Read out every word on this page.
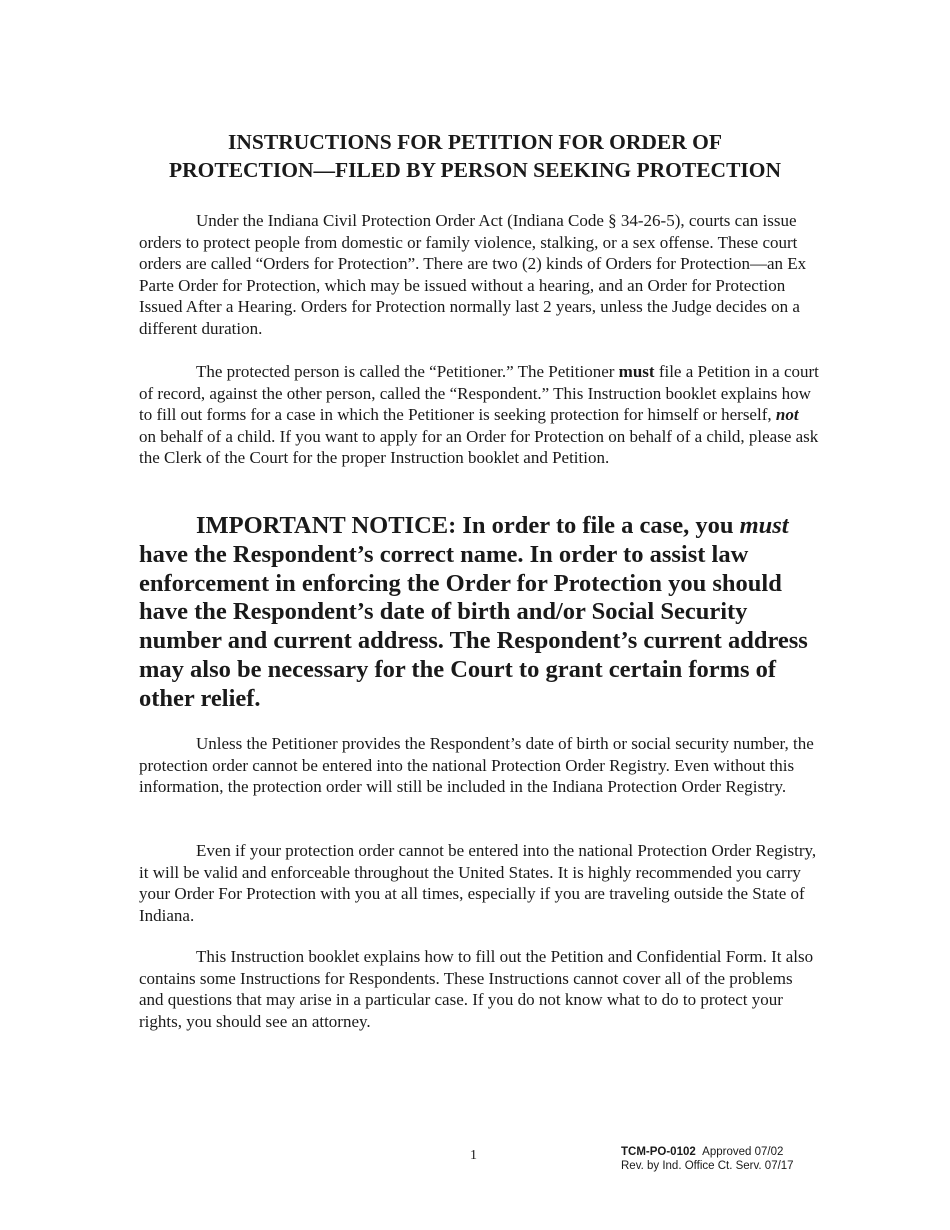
INSTRUCTIONS FOR PETITION FOR ORDER OF
PROTECTION—FILED BY PERSON SEEKING PROTECTION
Under the Indiana Civil Protection Order Act (Indiana Code § 34-26-5), courts can issue orders to protect people from domestic or family violence, stalking, or a sex offense. These court orders are called “Orders for Protection”. There are two (2) kinds of Orders for Protection—an Ex Parte Order for Protection, which may be issued without a hearing, and an Order for Protection Issued After a Hearing. Orders for Protection normally last 2 years, unless the Judge decides on a different duration.
The protected person is called the “Petitioner.” The Petitioner must file a Petition in a court of record, against the other person, called the “Respondent.” This Instruction booklet explains how to fill out forms for a case in which the Petitioner is seeking protection for himself or herself, not on behalf of a child. If you want to apply for an Order for Protection on behalf of a child, please ask the Clerk of the Court for the proper Instruction booklet and Petition.
IMPORTANT NOTICE: In order to file a case, you must have the Respondent’s correct name. In order to assist law enforcement in enforcing the Order for Protection you should have the Respondent’s date of birth and/or Social Security number and current address. The Respondent’s current address may also be necessary for the Court to grant certain forms of other relief.
Unless the Petitioner provides the Respondent’s date of birth or social security number, the protection order cannot be entered into the national Protection Order Registry. Even without this information, the protection order will still be included in the Indiana Protection Order Registry.
Even if your protection order cannot be entered into the national Protection Order Registry, it will be valid and enforceable throughout the United States. It is highly recommended you carry your Order For Protection with you at all times, especially if you are traveling outside the State of Indiana.
This Instruction booklet explains how to fill out the Petition and Confidential Form. It also contains some Instructions for Respondents. These Instructions cannot cover all of the problems and questions that may arise in a particular case. If you do not know what to do to protect your rights, you should see an attorney.
1	TCM-PO-0102 Approved 07/02
Rev. by Ind. Office Ct. Serv. 07/17
